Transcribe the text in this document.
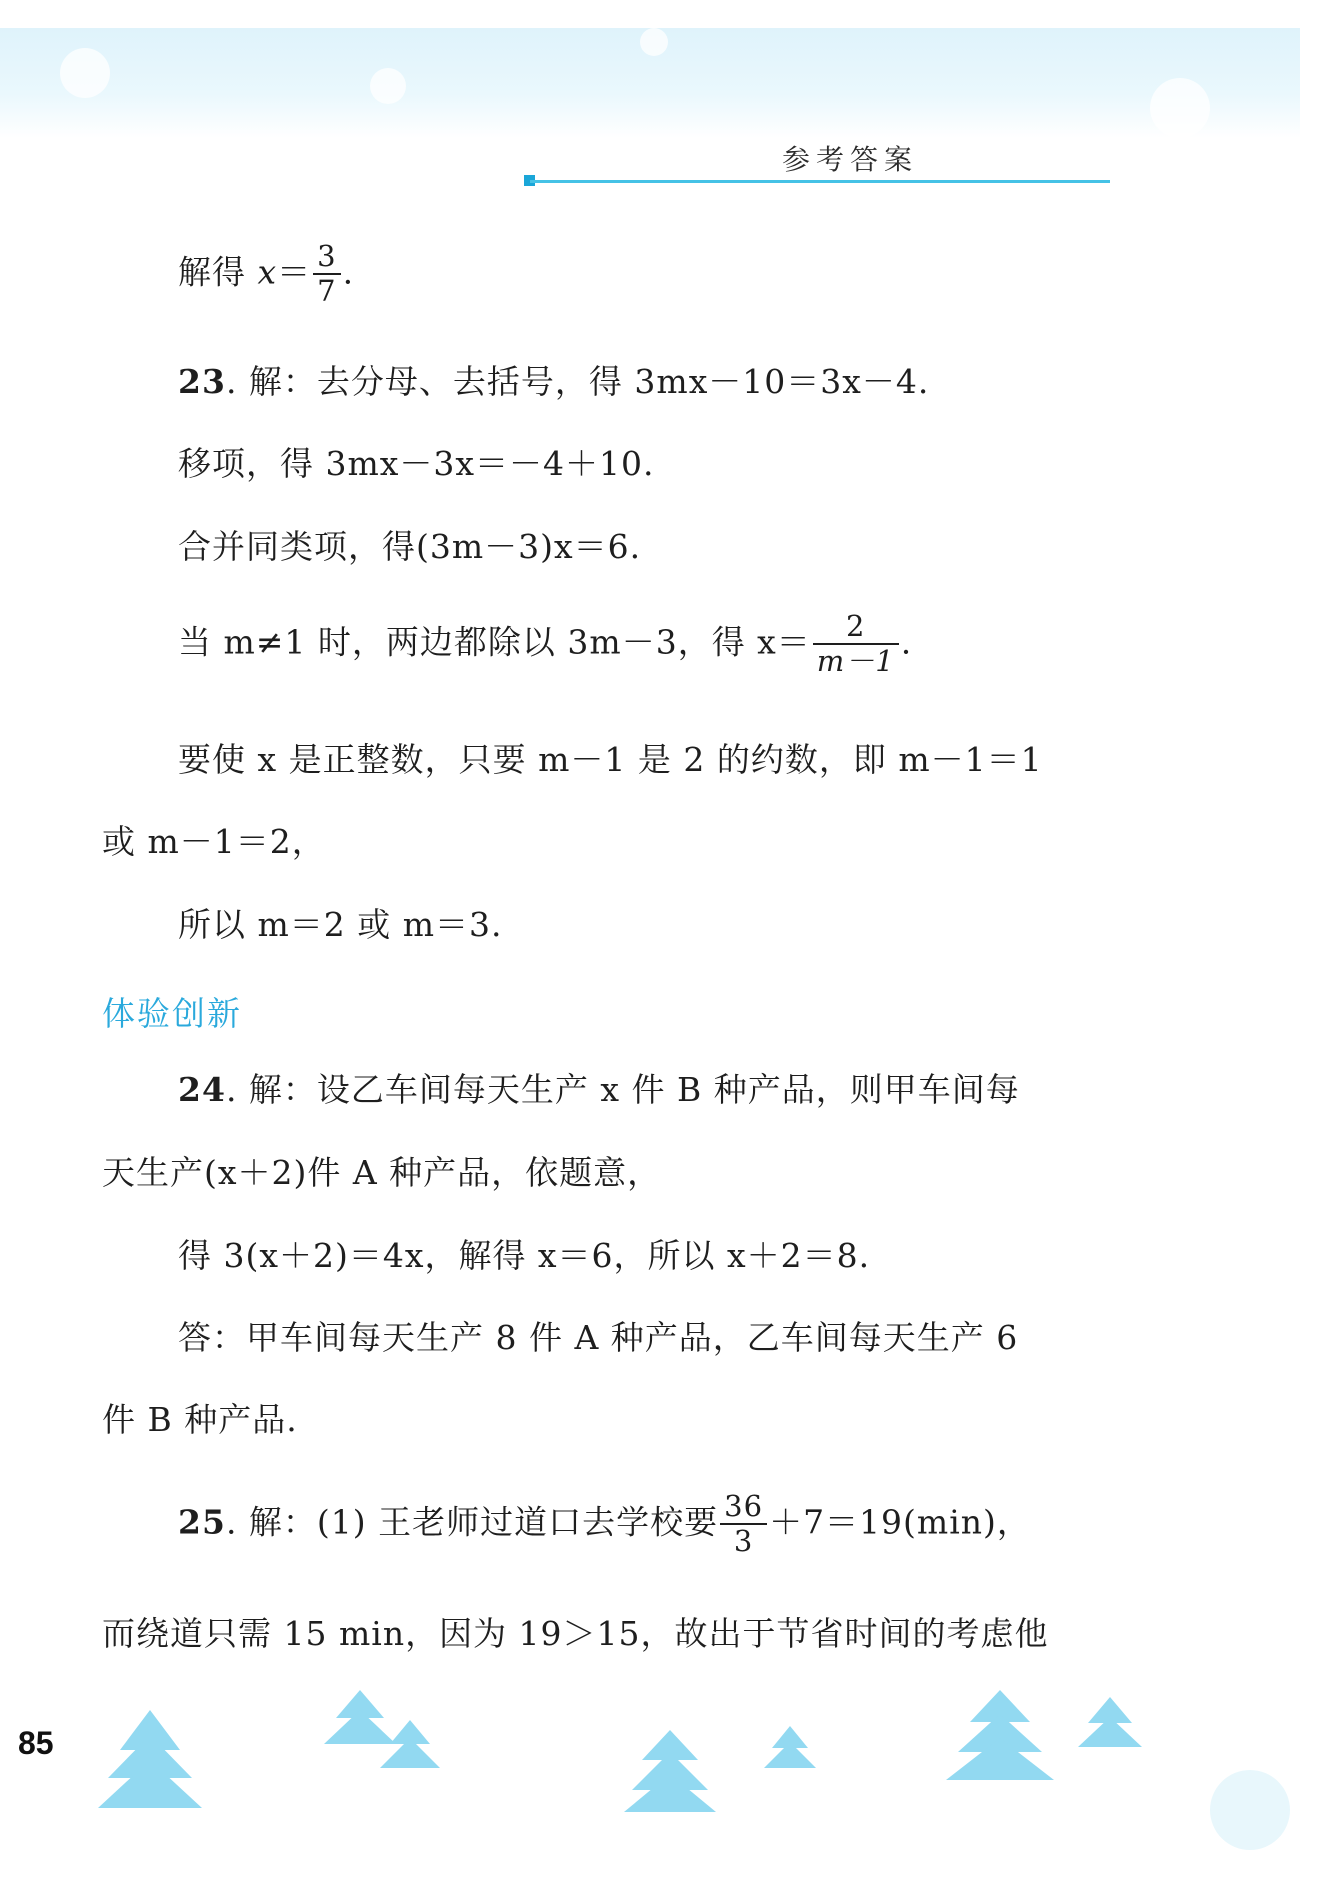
参考答案
解得 $x= \frac{3}{7}$ .
23. 解：去分母、去括号，得 3mx－10＝3x－4.
移项，得 3mx－3x＝－4＋10.
合并同类项，得(3m－3)x＝6.
当 m≠1 时，两边都除以 3m－3，得 $x= \frac{2}{m-1}$ .
要使 x 是正整数，只要 m－1 是 2 的约数，即 m－1＝1
或 m－1＝2，
所以 m＝2 或 m＝3.
体验创新
24. 解：设乙车间每天生产 x 件 B 种产品，则甲车间每
天生产(x＋2)件 A 种产品，依题意，
得 3(x＋2)＝4x，解得 x＝6，所以 x＋2＝8.
答：甲车间每天生产 8 件 A 种产品，乙车间每天生产 6
件 B 种产品.
25. 解：(1) 王老师过道口去学校要 $\frac{36}{3} +7=19(\min)$，
而绕道只需 15 min，因为 19＞15，故出于节省时间的考虑他
85
